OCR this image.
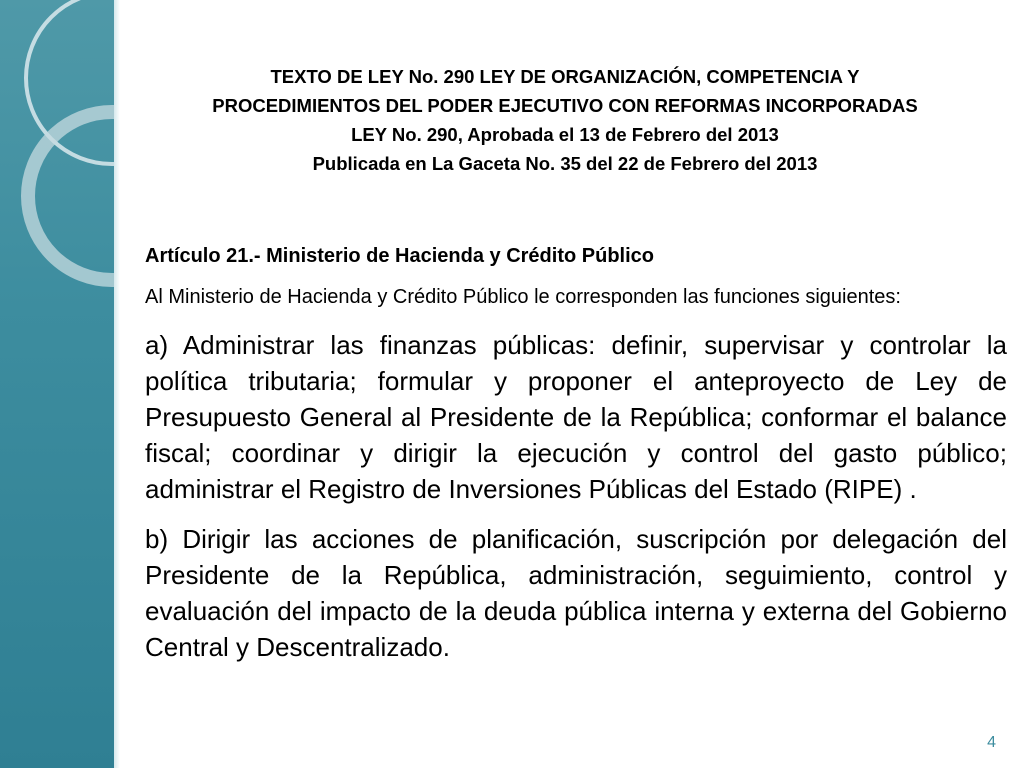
TEXTO DE LEY No. 290 LEY DE ORGANIZACIÓN, COMPETENCIA Y
PROCEDIMIENTOS DEL PODER EJECUTIVO CON REFORMAS INCORPORADAS
LEY No. 290, Aprobada el 13 de Febrero del 2013
Publicada en La Gaceta No. 35 del 22 de Febrero del 2013

Artículo 21.- Ministerio de Hacienda y Crédito Público

Al Ministerio de Hacienda y Crédito Público le corresponden las funciones siguientes:

a) Administrar las finanzas públicas: definir, supervisar y controlar la política tributaria; formular y proponer el anteproyecto de Ley de Presupuesto General al Presidente de la República; conformar el balance fiscal; coordinar y dirigir la ejecución y control del gasto público; administrar el Registro de Inversiones Públicas del Estado (RIPE) .

b) Dirigir las acciones de planificación, suscripción por delegación del Presidente de la República, administración, seguimiento, control y evaluación del impacto de la deuda pública interna y externa del Gobierno Central y Descentralizado.

4
